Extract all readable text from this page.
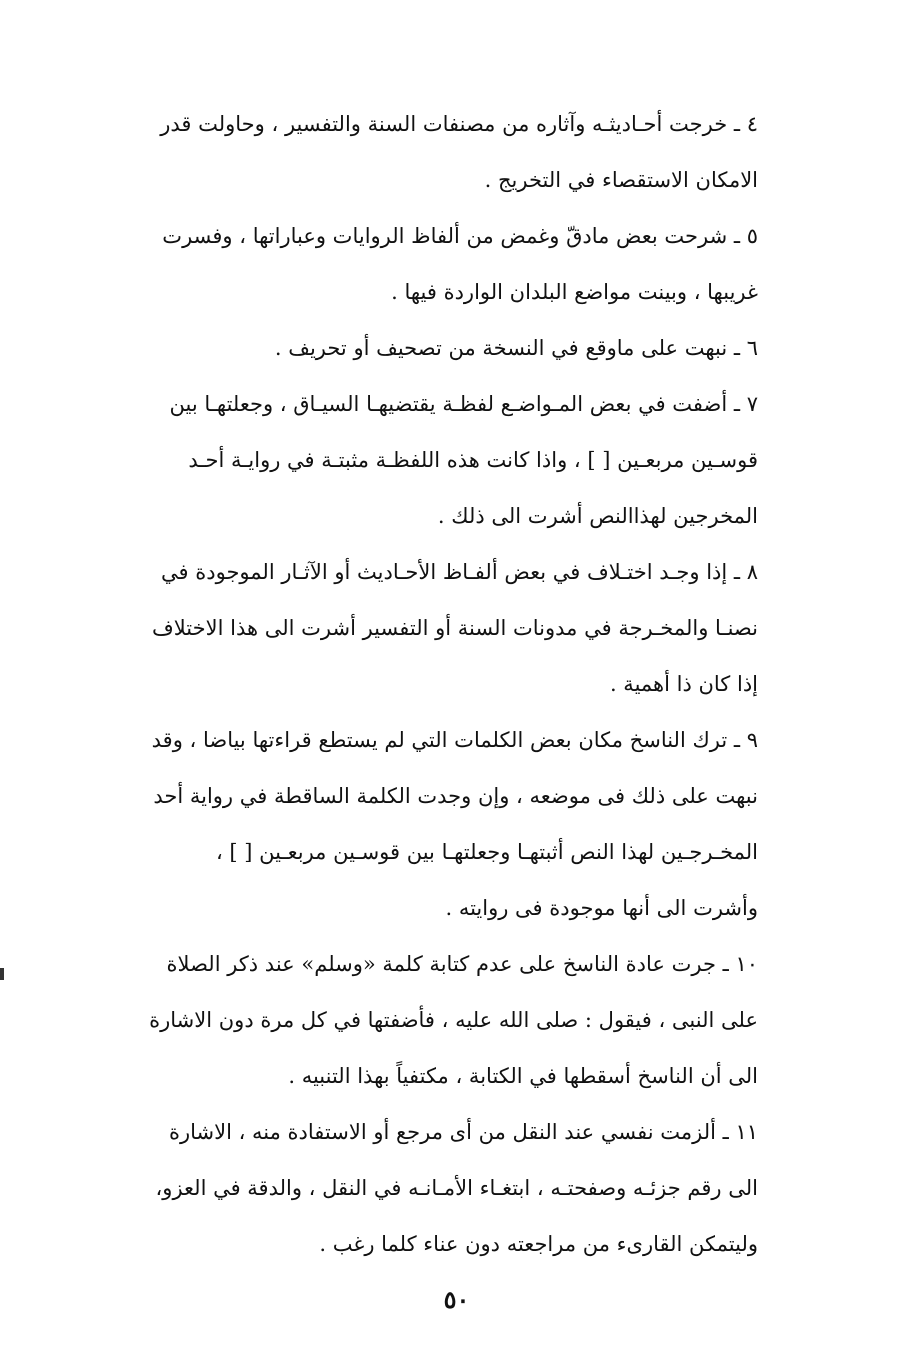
٤ ـ خرجت أحـاديثـه وآثاره من مصنفات السنة والتفسير ، وحاولت قدر
الامكان الاستقصاء في التخريج .
٥ ـ شرحت بعض مادقّ وغمض من ألفاظ الروايات وعباراتها ، وفسرت
غريبها ، وبينت مواضع البلدان الواردة فيها .
٦ ـ نبهت على ماوقع في النسخة من تصحيف أو تحريف .
٧ ـ أضفت في بعض المـواضـع لفظـة يقتضيهـا السيـاق ، وجعلتهـا بين
قوسـين مربعـين [ ] ، واذا كانت هذه اللفظـة مثبتـة في روايـة أحـد
المخرجين لهذاالنص أشرت الى ذلك .
٨ ـ إذا وجـد اختـلاف في بعض ألفـاظ الأحـاديث أو الآثـار الموجودة في
نصنـا والمخـرجة في مدونات السنة أو التفسير أشرت الى هذا الاختلاف
إذا كان ذا أهمية .
٩ ـ ترك الناسخ مكان بعض الكلمات التي لم يستطع قراءتها بياضا ، وقد
نبهت على ذلك فى موضعه ، وإن وجدت الكلمة الساقطة في رواية أحد
المخـرجـين لهذا النص أثبتهـا وجعلتهـا بين قوسـين مربعـين [ ] ،
وأشرت الى أنها موجودة فى روايته .
١٠ ـ جرت عادة الناسخ على عدم كتابة كلمة «وسلم» عند ذكر الصلاة
على النبى ، فيقول : صلى الله عليه ، فأضفتها في كل مرة دون الاشارة
الى أن الناسخ أسقطها في الكتابة ، مكتفياً بهذا التنبيه .
١١ ـ ألزمت نفسي عند النقل من أى مرجع أو الاستفادة منه ، الاشارة
الى رقم جزئـه وصفحتـه ، ابتغـاء الأمـانـه في النقل ، والدقة في العزو،
وليتمكن القارىء من مراجعته دون عناء كلما رغب .
٥٠
